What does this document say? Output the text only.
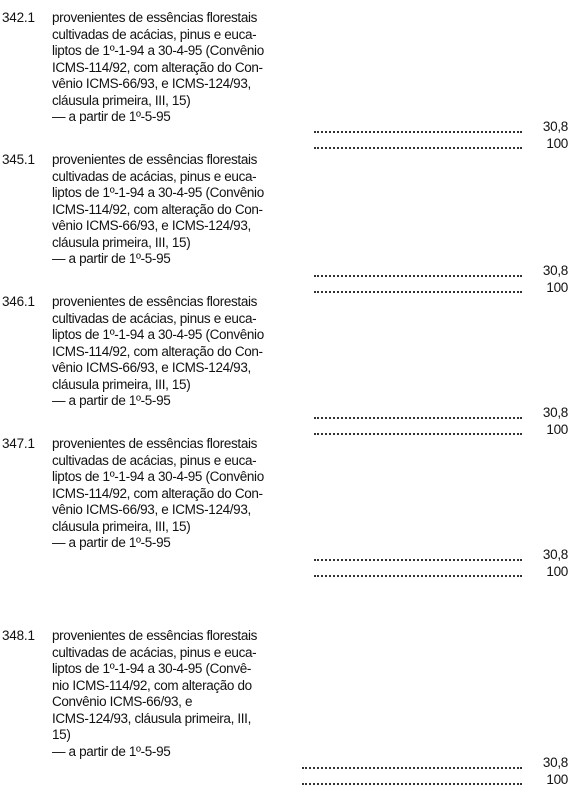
342.1 provenientes de essências florestais
cultivadas de acácias, pinus e euca-
liptos de 1º-1-94 a 30-4-95 (Convênio
ICMS-114/92, com alteração do Con-
vênio ICMS-66/93, e ICMS-124/93,
cláusula primeira, III, 15)
— a partir de 1º-5-95
30,8
100
345.1 provenientes de essências florestais
cultivadas de acácias, pinus e euca-
liptos de 1º-1-94 a 30-4-95 (Convênio
ICMS-114/92, com alteração do Con-
vênio ICMS-66/93, e ICMS-124/93,
cláusula primeira, III, 15)
— a partir de 1º-5-95
30,8
100
346.1 provenientes de essências florestais
cultivadas de acácias, pinus e euca-
liptos de 1º-1-94 a 30-4-95 (Convênio
ICMS-114/92, com alteração do Con-
vênio ICMS-66/93, e ICMS-124/93,
cláusula primeira, III, 15)
— a partir de 1º-5-95
30,8
100
347.1 provenientes de essências florestais
cultivadas de acácias, pinus e euca-
liptos de 1º-1-94 a 30-4-95 (Convênio
ICMS-114/92, com alteração do Con-
vênio ICMS-66/93, e ICMS-124/93,
cláusula primeira, III, 15)
— a partir de 1º-5-95
30,8
100
348.1 provenientes de essências florestais
cultivadas de acácias, pinus e euca-
liptos de 1º-1-94 a 30-4-95 (Convê-
nio ICMS-114/92, com alteração do
Convênio ICMS-66/93, e
ICMS-124/93, cláusula primeira, III,
15)
— a partir de 1º-5-95
30,8
100
